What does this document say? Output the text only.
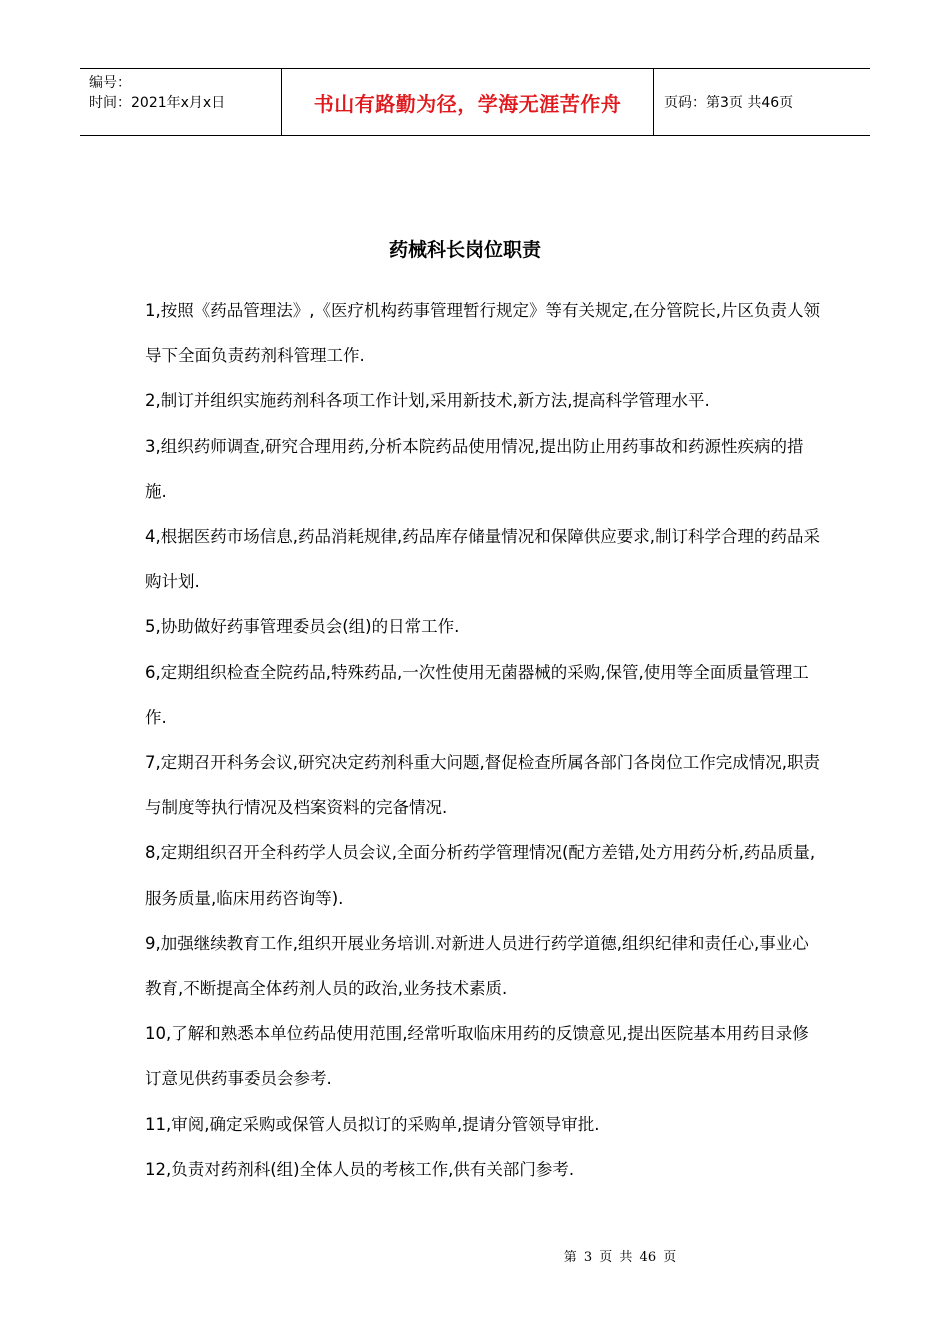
编号：
时间：2021年x月x日	书山有路勤为径，学海无涯苦作舟	页码：第3页 共46页
药械科长岗位职责

1,按照《药品管理法》,《医疗机构药事管理暂行规定》等有关规定,在分管院长,片区负责人领导下全面负责药剂科管理工作.

2,制订并组织实施药剂科各项工作计划,采用新技术,新方法,提高科学管理水平.

3,组织药师调查,研究合理用药,分析本院药品使用情况,提出防止用药事故和药源性疾病的措施.

4,根据医药市场信息,药品消耗规律,药品库存储量情况和保障供应要求,制订科学合理的药品采购计划.

5,协助做好药事管理委员会(组)的日常工作.

6,定期组织检查全院药品,特殊药品,一次性使用无菌器械的采购,保管,使用等全面质量管理工作.

7,定期召开科务会议,研究决定药剂科重大问题,督促检查所属各部门各岗位工作完成情况,职责与制度等执行情况及档案资料的完备情况.

8,定期组织召开全科药学人员会议,全面分析药学管理情况(配方差错,处方用药分析,药品质量,服务质量,临床用药咨询等).

9,加强继续教育工作,组织开展业务培训.对新进人员进行药学道德,组织纪律和责任心,事业心教育,不断提高全体药剂人员的政治,业务技术素质.

10,了解和熟悉本单位药品使用范围,经常听取临床用药的反馈意见,提出医院基本用药目录修订意见供药事委员会参考.

11,审阅,确定采购或保管人员拟订的采购单,提请分管领导审批.

12,负责对药剂科(组)全体人员的考核工作,供有关部门参考.

第 3 页 共 46 页
